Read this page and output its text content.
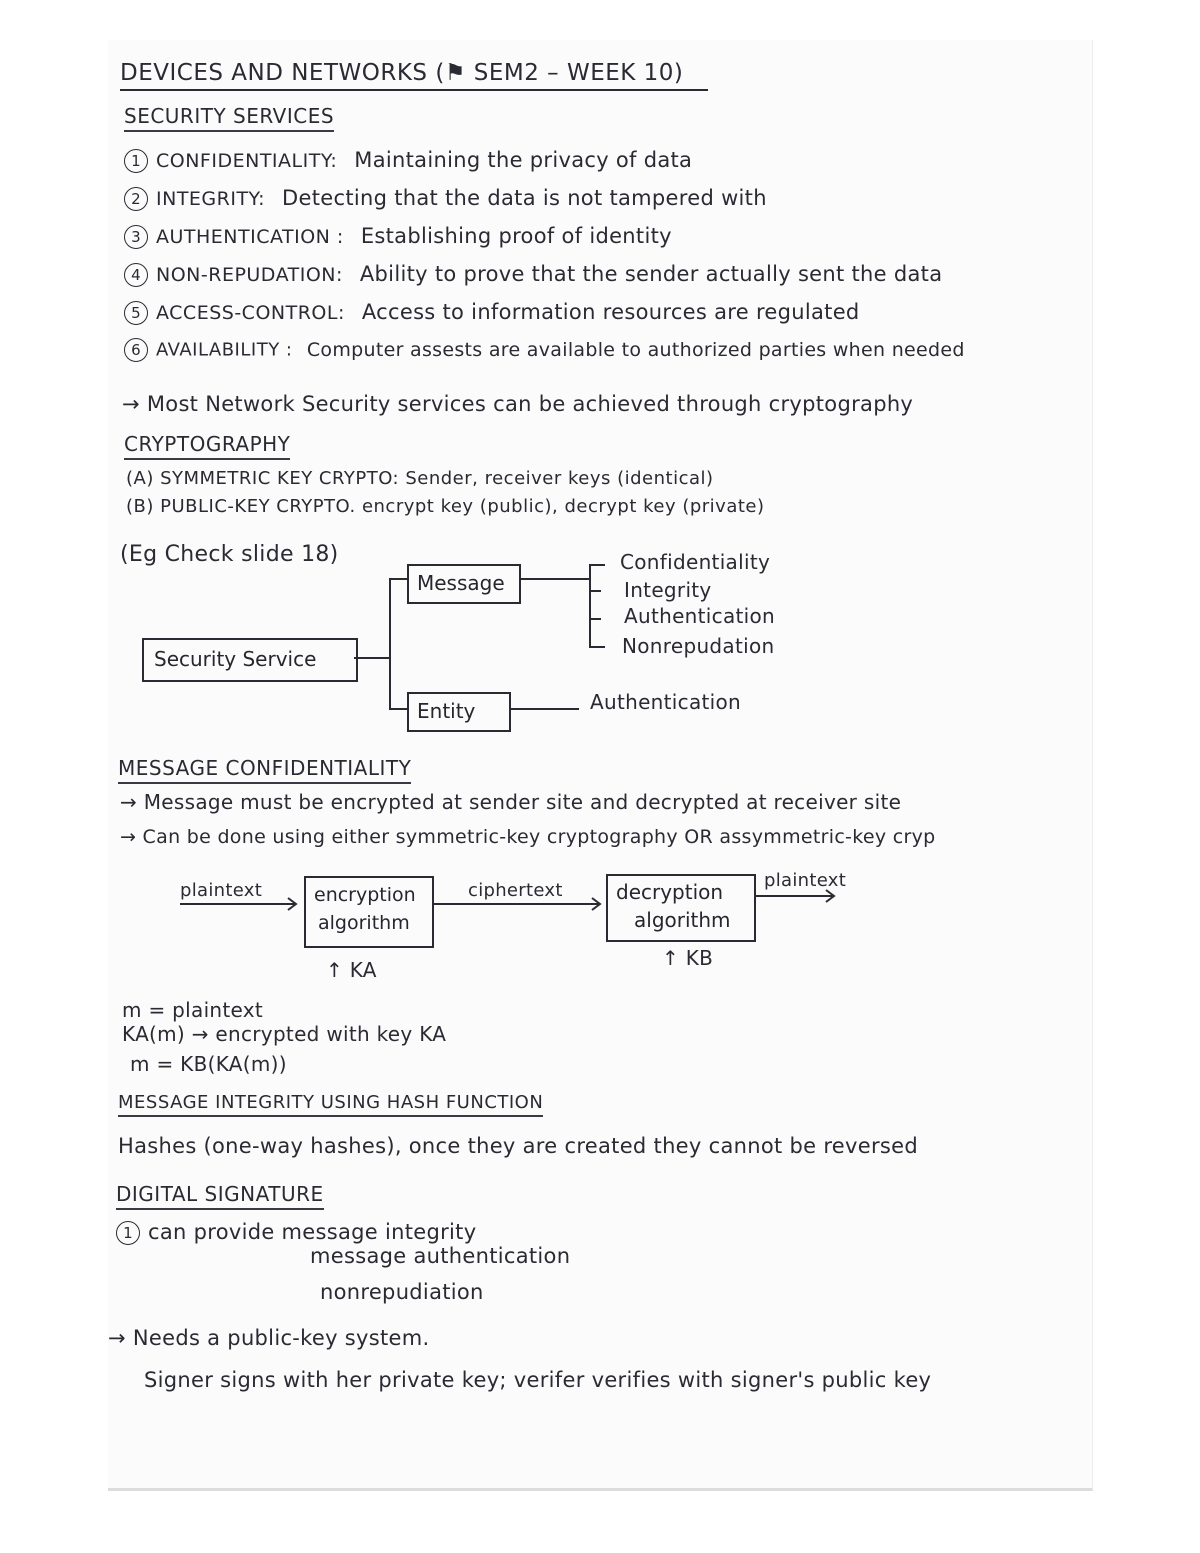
DEVICES AND NETWORKS (⚑ SEM2 – WEEK 10)
SECURITY SERVICES
1 CONFIDENTIALITY: Maintaining the privacy of data
2 INTEGRITY: Detecting that the data is not tampered with
3 AUTHENTICATION : Establishing proof of identity
4 NON-REPUDATION: Ability to prove that the sender actually sent the data
5 ACCESS-CONTROL: Access to information resources are regulated
6 AVAILABILITY : Computer assests are available to authorized parties when needed
→ Most Network Security services can be achieved through cryptography
CRYPTOGRAPHY
(A) SYMMETRIC KEY CRYPTO: Sender, receiver keys (identical)
(B) PUBLIC-KEY CRYPTO. encrypt key (public), decrypt key (private)
(Eg Check slide 18)
Security Service
Message
Entity
Confidentiality
Integrity
Authentication
Nonrepudation
Authentication
MESSAGE CONFIDENTIALITY
→ Message must be encrypted at sender site and decrypted at receiver site
→ Can be done using either symmetric-key cryptography OR assymmetric-key cryp
plaintext	encryption
algorithm
ciphertext	decryption
algorithm
plaintext
↑ KA	↑ KB
m = plaintext
KA(m) → encrypted with key KA
m = KB(KA(m))
MESSAGE INTEGRITY USING HASH FUNCTION
Hashes (one-way hashes), once they are created they cannot be reversed
DIGITAL SIGNATURE
1 can provide message integrity
message authentication
nonrepudiation
→ Needs a public-key system.
Signer signs with her private key; verifer verifies with signer's public key
